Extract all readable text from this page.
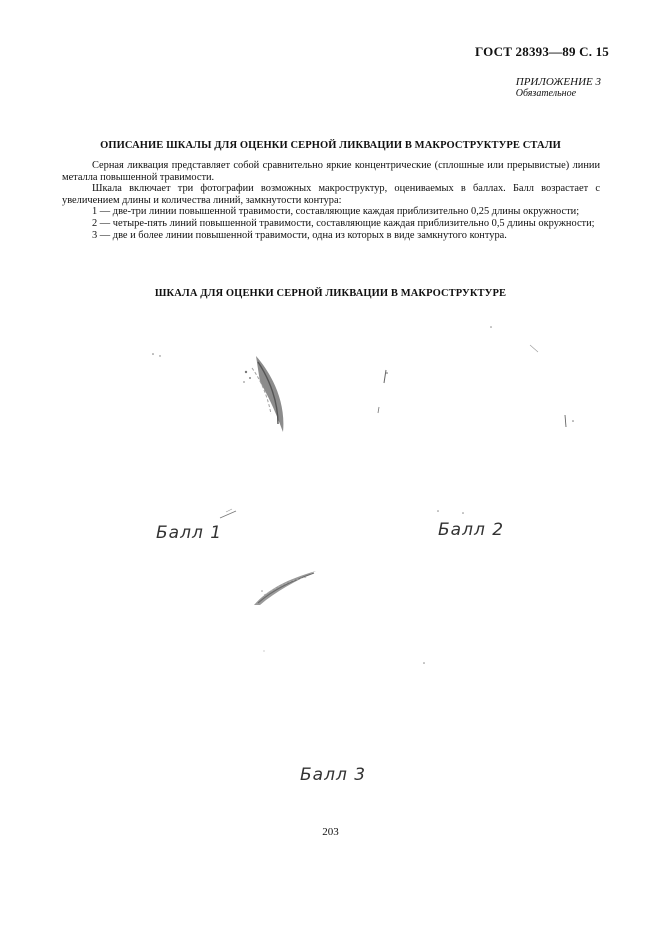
ГОСТ 28393—89 С. 15
ПРИЛОЖЕНИЕ 3
Обязательное
ОПИСАНИЕ ШКАЛЫ ДЛЯ ОЦЕНКИ СЕРНОЙ ЛИКВАЦИИ В МАКРОСТРУКТУРЕ СТАЛИ

Серная ликвация представляет собой сравнительно яркие концентрические (сплошные или прерывистые) линии металла повышенной травимости.

Шкала включает три фотографии возможных макроструктур, оцениваемых в баллах. Балл возрастает с увеличением длины и количества линий, замкнутости контура:

1 — две-три линии повышенной травимости, составляющие каждая приблизительно 0,25 длины окружности;

2 — четыре-пять линий повышенной травимости, составляющие каждая приблизительно 0,5 длины окружности;

3 — две и более линии повышенной травимости, одна из которых в виде замкнутого контура.

ШКАЛА ДЛЯ ОЦЕНКИ СЕРНОЙ ЛИКВАЦИИ В МАКРОСТРУКТУРЕ
Балл 1	Балл 2
Балл 3
203
